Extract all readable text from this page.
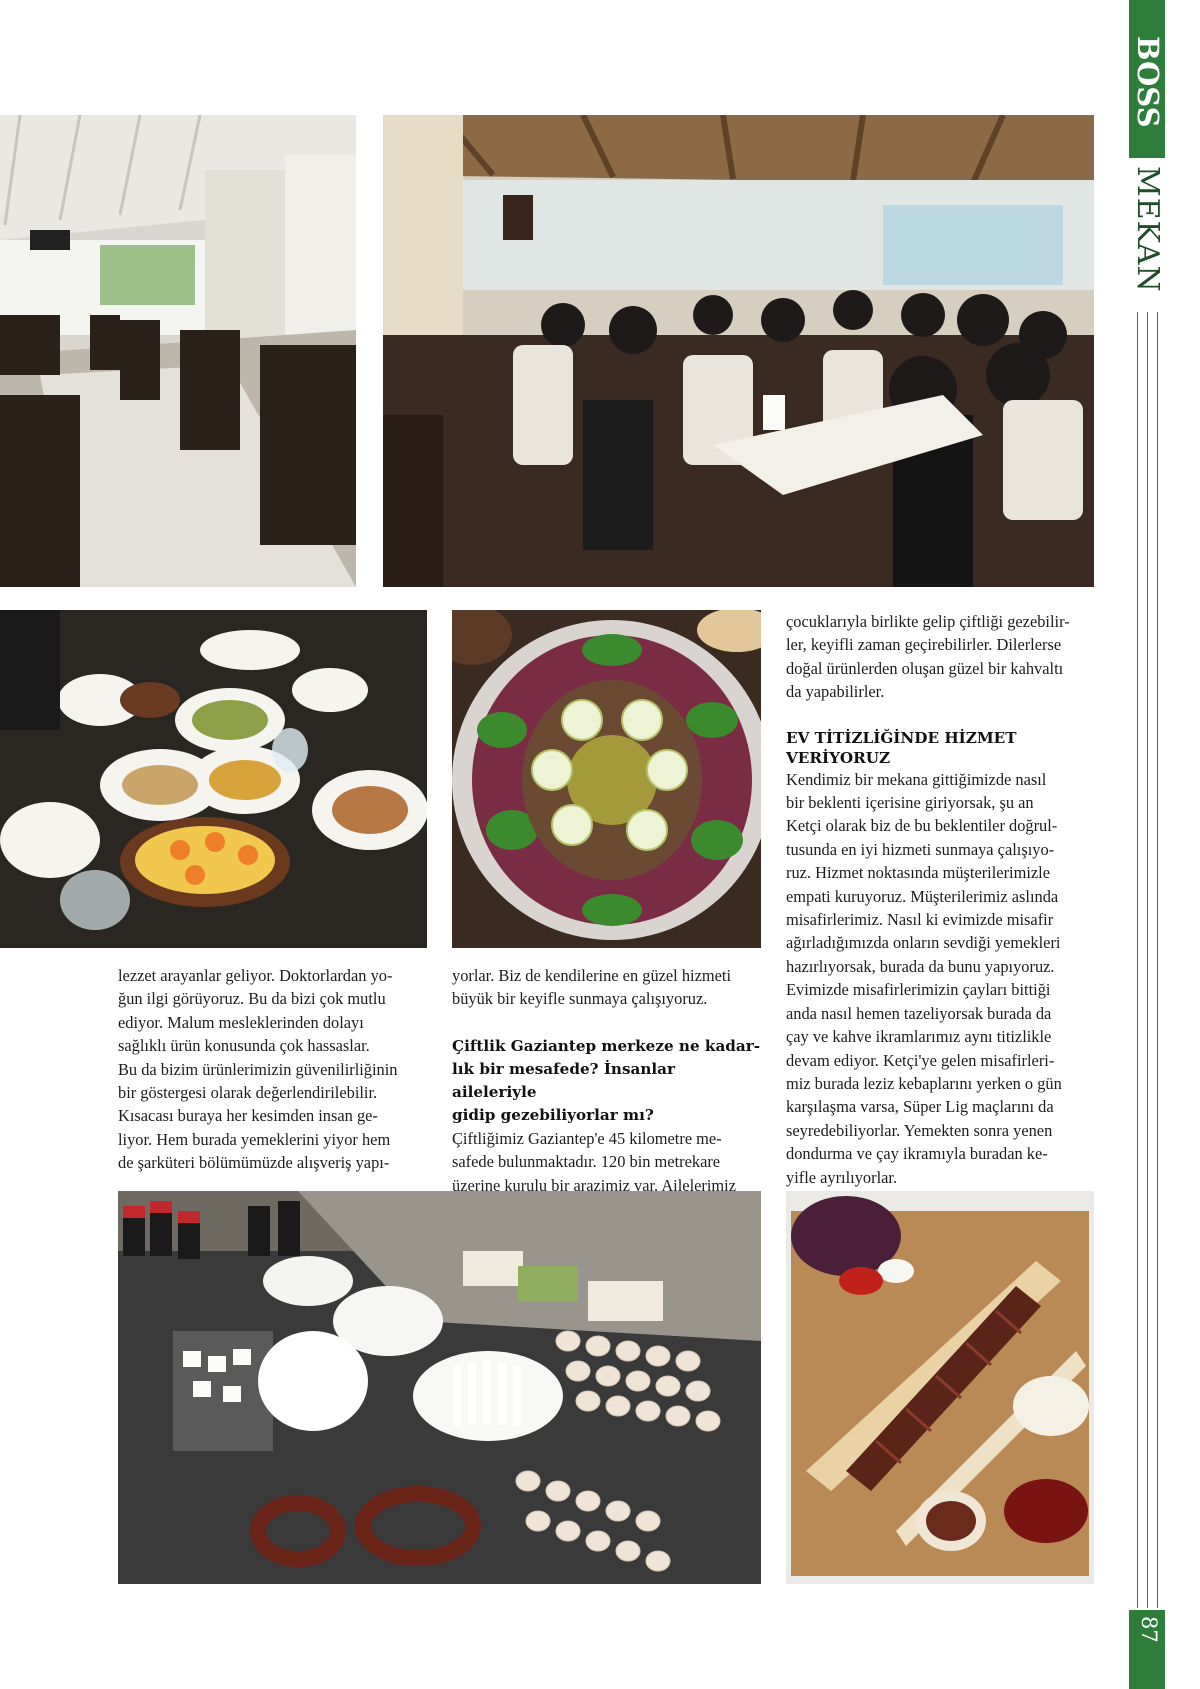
lezzet arayanlar geliyor. Doktorlardan yo-

ğun ilgi görüyoruz. Bu da bizi çok mutlu

ediyor. Malum mesleklerinden dolayı

sağlıklı ürün konusunda çok hassaslar.

Bu da bizim ürünlerimizin güvenilirliğinin

bir göstergesi olarak değerlendirilebilir.

Kısacası buraya her kesimden insan ge-

liyor. Hem burada yemeklerini yiyor hem

de şarküteri bölümümüzde alışveriş yapı-

yorlar. Biz de kendilerine en güzel hizmeti

büyük bir keyifle sunmaya çalışıyoruz.

Çiftlik Gaziantep merkeze ne kadar-
lık bir mesafede? İnsanlar aileleriyle
gidip gezebiliyorlar mı?

Çiftliğimiz Gaziantep'e 45 kilometre me-

safede bulunmaktadır. 120 bin metrekare

üzerine kurulu bir arazimiz var. Ailelerimiz

çocuklarıyla birlikte gelip çiftliği gezebilir-

ler, keyifli zaman geçirebilirler. Dilerlerse

doğal ürünlerden oluşan güzel bir kahvaltı

da yapabilirler.

EV TİTİZLİĞİNDE HİZMET
VERİYORUZ

Kendimiz bir mekana gittiğimizde nasıl

bir beklenti içerisine giriyorsak, şu an

Ketçi olarak biz de bu beklentiler doğrul-

tusunda en iyi hizmeti sunmaya çalışıyo-

ruz. Hizmet noktasında müşterilerimizle

empati kuruyoruz. Müşterilerimiz aslında

misafirlerimiz. Nasıl ki evimizde misafir

ağırladığımızda onların sevdiği yemekleri

hazırlıyorsak, burada da bunu yapıyoruz.

Evimizde misafirlerimizin çayları bittiği

anda nasıl hemen tazeliyorsak burada da

çay ve kahve ikramlarımız aynı titizlikle

devam ediyor. Ketçi'ye gelen misafirleri-

miz burada leziz kebaplarını yerken o gün

karşılaşma varsa, Süper Lig maçlarını da

seyredebiliyorlar. Yemekten sonra yenen

dondurma ve çay ikramıyla buradan ke-

yifle ayrılıyorlar.

BOSS
MEKAN
87
